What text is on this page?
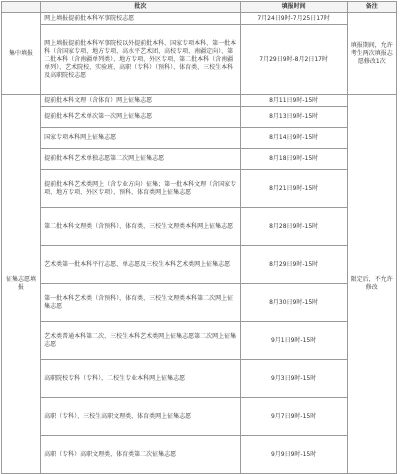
	批次	填报时间	备注
集中填报	网上填报提前批本科军事院校志愿	7月24日9时-7月25日17时	填报期间，允许考生两次填报志愿修改1次
	网上填报提前批本科军事院校以外提前批本科、国家专项本科、第一批本科（含国家专项、地方专项、高水平艺术团、高校专项、南疆定向）、第二批本科（含南疆单列类）、地方专项、外区专项、第二批本科（含南疆单列）、艺术院校、实验班、高职（专科）（预科）、体育类、三校生本科及高职院校志愿	7月29日9时-8月2日17时	
征集志愿填报	提前批本科文理（含体育）网上征集志愿	8月11日9时-15时	限定后，不允许修改
	提前批本科艺术单次第一次网上征集志愿	8月13日9时-15时	
	国家专项本科网上征集志愿	8月14日9时-15时	
	提前批本科艺术单独志愿第二次网上征集志愿	8月18日9时-15时	
	提前批本科艺术类网上（含专业方向）征集；第一批本科文理（含国家专项、地方专项、外区专项）、预科、体育类网上征集志愿	8月21日9时-15时	
	第二批本科文理类（含预科）、体育类、三校生文理类本科网上征集志愿	8月28日9时-15时	
	艺术类第一批本科平行志愿、单志愿及三校生本科艺术类网上征集志愿	8月29日9时-15时	
	第一批本科艺术类（含预科），体育类、三校生文理类本科第二次网上征集志愿	8月30日9时-15时	
	艺术类普通本科第二次、三校生本科艺术类网上征集志愿第二次网上征集志愿	9月1日9时-15时	
	高职院校专科（专科），二校生专业本科网上征集志愿	9月3日9时-15时	
	高职（专科）、三校生高职文理类、体育类网上征集志愿	9月7日9时-15时	
	高职（专科）高职文理类、体育类第二次征集志愿	9月9日9时-15时	
